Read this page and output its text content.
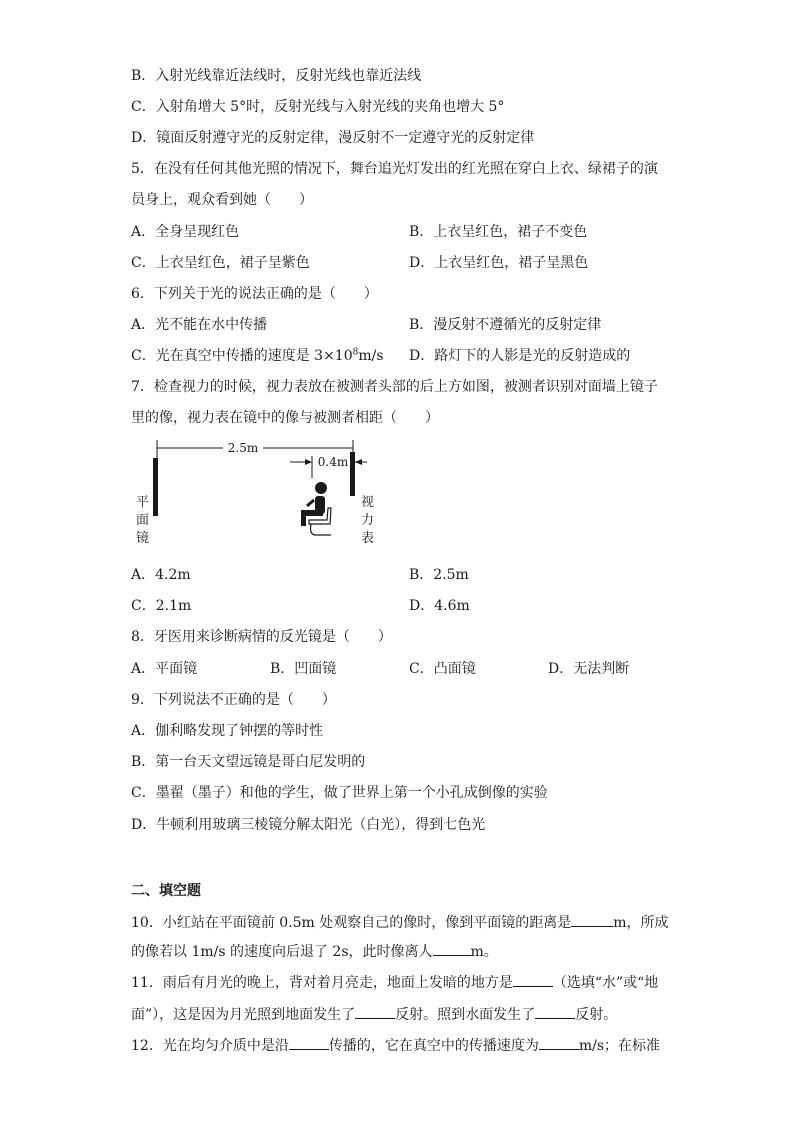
B．入射光线靠近法线时，反射光线也靠近法线
C．入射角增大 5°时，反射光线与入射光线的夹角也增大 5°
D．镜面反射遵守光的反射定律，漫反射不一定遵守光的反射定律
5．在没有任何其他光照的情况下，舞台追光灯发出的红光照在穿白上衣、绿裙子的演
员身上，观众看到她（　　）
A．全身呈现红色	B．上衣呈红色，裙子不变色
C．上衣呈红色，裙子呈紫色	D．上衣呈红色，裙子呈黑色
6．下列关于光的说法正确的是（　　）
A．光不能在水中传播	B．漫反射不遵循光的反射定律
C．光在真空中传播的速度是 $3\times 10^8m/s$ D．路灯下的人影是光的反射造成的
7．检查视力的时候，视力表放在被测者头部的后上方如图，被测者识别对面墙上镜子
里的像，视力表在镜中的像与被测者相距（　　）
2.5m
0.4m
平
面
镜
视
力
表
A．4.2m	B．2.5m
C．2.1m	D．4.6m
8．牙医用来诊断病情的反光镜是（　　）
A．平面镜	B．凹面镜	C．凸面镜	D．无法判断
9．下列说法不正确的是（　　）
A．伽利略发现了钟摆的等时性
B．第一台天文望远镜是哥白尼发明的
C．墨翟（墨子）和他的学生，做了世界上第一个小孔成倒像的实验
D．牛顿利用玻璃三棱镜分解太阳光（白光），得到七色光
二、填空题
10．小红站在平面镜前 0.5m 处观察自己的像时，像到平面镜的距离是	m，所成
的像若以 1m/s 的速度向后退了 2s，此时像离人	m。
11．雨后有月光的晚上，背对着月亮走，地面上发暗的地方是	（选填“水”或“地
面”），这是因为月光照到地面发生了	反射。照到水面发生了	反射。
12．光在均匀介质中是沿	传播的，它在真空中的传播速度为	m/s；在标准
